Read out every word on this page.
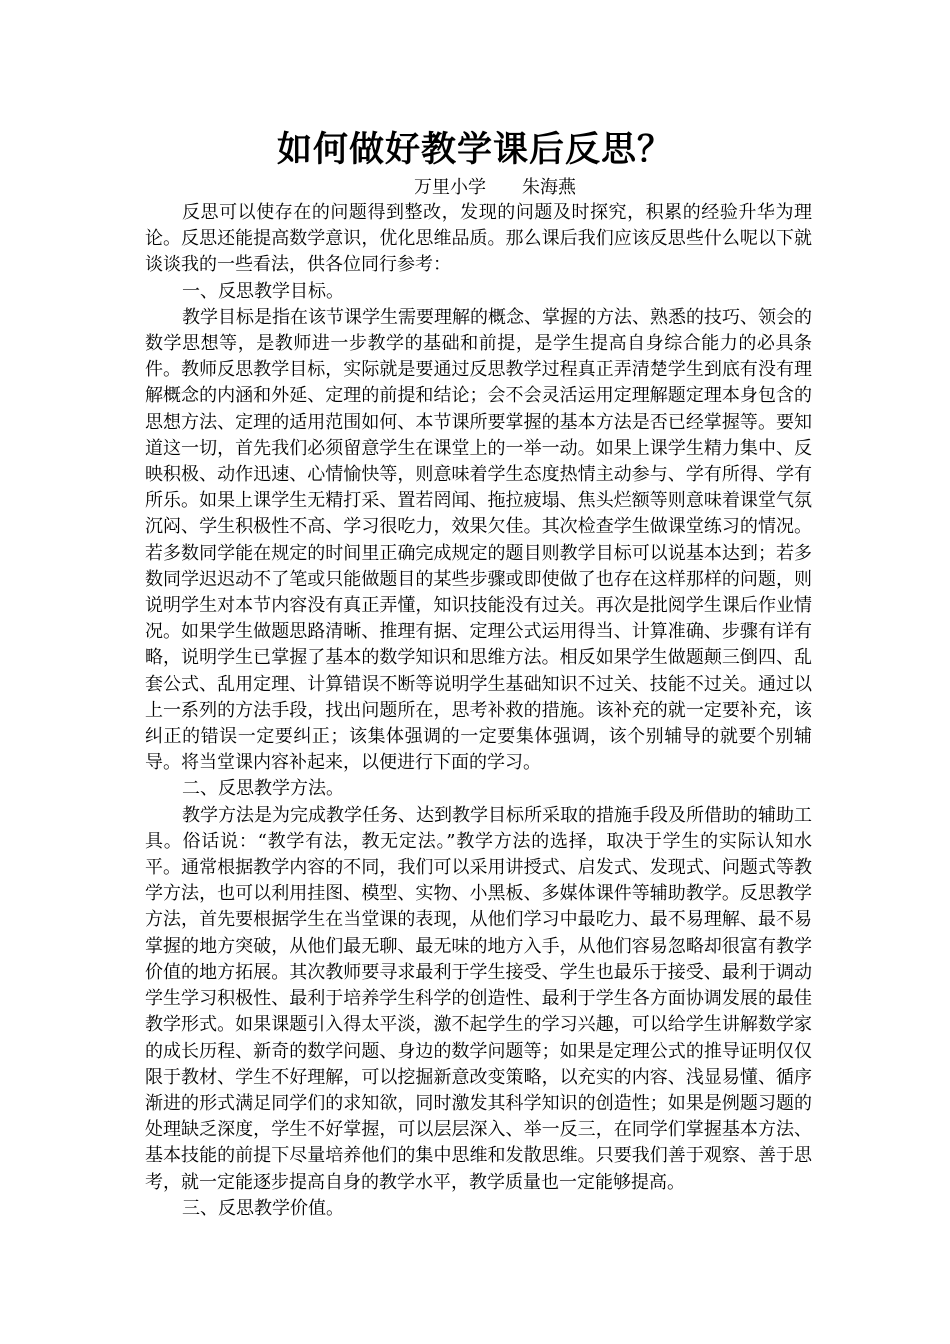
如何做好教学课后反思？
万里小学　　朱海燕

反思可以使存在的问题得到整改，发现的问题及时探究，积累的经验升华为理论。反思还能提高数学意识，优化思维品质。那么课后我们应该反思些什么呢以下就谈谈我的一些看法，供各位同行参考：

一、反思教学目标。

教学目标是指在该节课学生需要理解的概念、掌握的方法、熟悉的技巧、领会的数学思想等，是教师进一步教学的基础和前提，是学生提高自身综合能力的必具条件。教师反思教学目标，实际就是要通过反思教学过程真正弄清楚学生到底有没有理解概念的内涵和外延、定理的前提和结论；会不会灵活运用定理解题定理本身包含的思想方法、定理的适用范围如何、本节课所要掌握的基本方法是否已经掌握等。要知道这一切，首先我们必须留意学生在课堂上的一举一动。如果上课学生精力集中、反映积极、动作迅速、心情愉快等，则意味着学生态度热情主动参与、学有所得、学有所乐。如果上课学生无精打采、置若罔闻、拖拉疲塌、焦头烂额等则意味着课堂气氛沉闷、学生积极性不高、学习很吃力，效果欠佳。其次检查学生做课堂练习的情况。若多数同学能在规定的时间里正确完成规定的题目则教学目标可以说基本达到；若多数同学迟迟动不了笔或只能做题目的某些步骤或即使做了也存在这样那样的问题，则说明学生对本节内容没有真正弄懂，知识技能没有过关。再次是批阅学生课后作业情况。如果学生做题思路清晰、推理有据、定理公式运用得当、计算准确、步骤有详有略，说明学生已掌握了基本的数学知识和思维方法。相反如果学生做题颠三倒四、乱套公式、乱用定理、计算错误不断等说明学生基础知识不过关、技能不过关。通过以上一系列的方法手段，找出问题所在，思考补救的措施。该补充的就一定要补充，该纠正的错误一定要纠正；该集体强调的一定要集体强调，该个别辅导的就要个别辅导。将当堂课内容补起来，以便进行下面的学习。

二、反思教学方法。

教学方法是为完成教学任务、达到教学目标所采取的措施手段及所借助的辅助工具。俗话说：“教学有法，教无定法。”教学方法的选择，取决于学生的实际认知水平。通常根据教学内容的不同，我们可以采用讲授式、启发式、发现式、问题式等教学方法，也可以利用挂图、模型、实物、小黑板、多媒体课件等辅助教学。反思教学方法，首先要根据学生在当堂课的表现，从他们学习中最吃力、最不易理解、最不易掌握的地方突破，从他们最无聊、最无味的地方入手，从他们容易忽略却很富有教学价值的地方拓展。其次教师要寻求最利于学生接受、学生也最乐于接受、最利于调动学生学习积极性、最利于培养学生科学的创造性、最利于学生各方面协调发展的最佳教学形式。如果课题引入得太平淡，激不起学生的学习兴趣，可以给学生讲解数学家的成长历程、新奇的数学问题、身边的数学问题等；如果是定理公式的推导证明仅仅限于教材、学生不好理解，可以挖掘新意改变策略，以充实的内容、浅显易懂、循序渐进的形式满足同学们的求知欲，同时激发其科学知识的创造性；如果是例题习题的处理缺乏深度，学生不好掌握，可以层层深入、举一反三，在同学们掌握基本方法、基本技能的前提下尽量培养他们的集中思维和发散思维。只要我们善于观察、善于思考，就一定能逐步提高自身的教学水平，教学质量也一定能够提高。

三、反思教学价值。
